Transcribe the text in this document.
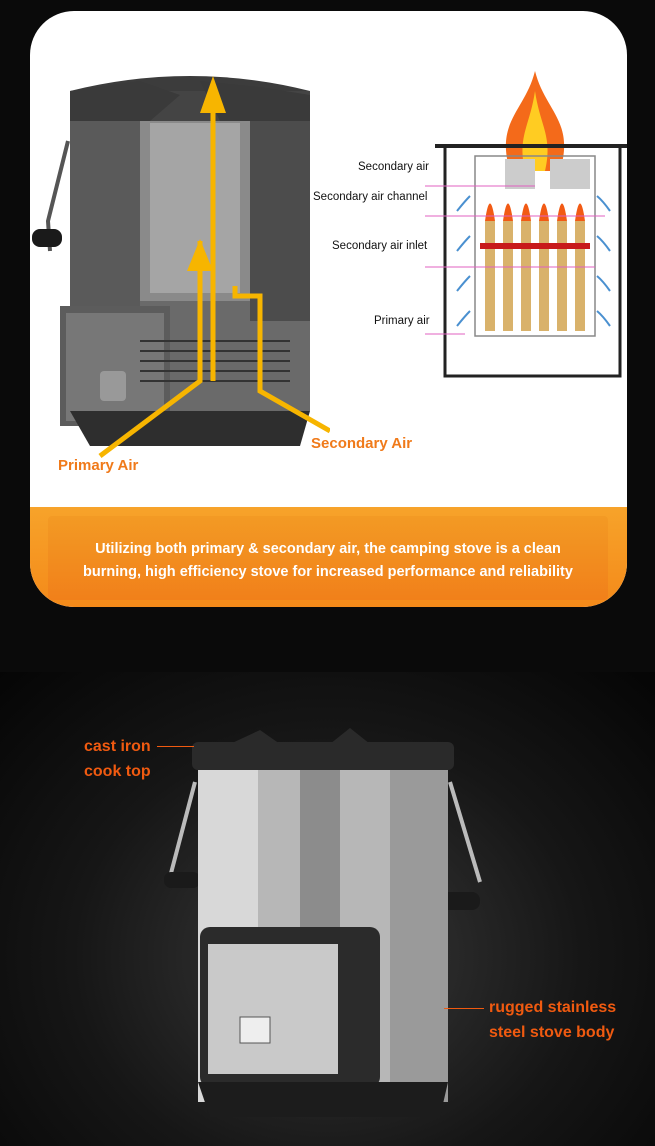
Primary Air
Secondary Air
Secondary air
Secondary air channel
Secondary air inlet
Primary air
Utilizing both primary & secondary air, the camping stove is a clean burning, high efficiency stove for increased performance and reliability
cast iron
cook top
rugged stainless
steel stove body
